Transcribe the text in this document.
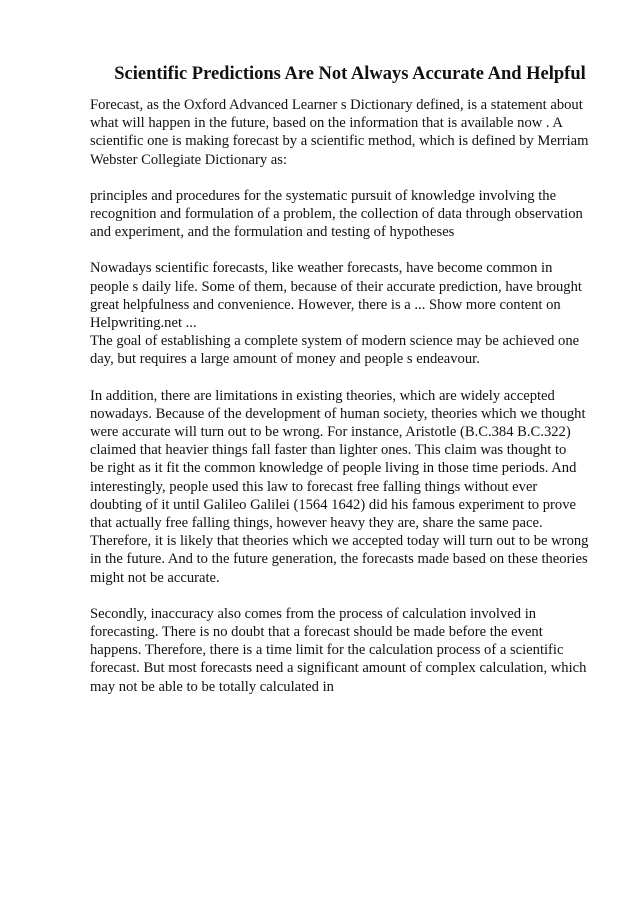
Scientific Predictions Are Not Always Accurate And Helpful

Forecast, as the Oxford Advanced Learner s Dictionary defined, is a statement about
what will happen in the future, based on the information that is available now . A
scientific one is making forecast by a scientific method, which is defined by Merriam
Webster Collegiate Dictionary as:

principles and procedures for the systematic pursuit of knowledge involving the
recognition and formulation of a problem, the collection of data through observation
and experiment, and the formulation and testing of hypotheses

Nowadays scientific forecasts, like weather forecasts, have become common in
people s daily life. Some of them, because of their accurate prediction, have brought
great helpfulness and convenience. However, there is a ... Show more content on
Helpwriting.net ...

The goal of establishing a complete system of modern science may be achieved one
day, but requires a large amount of money and people s endeavour.

In addition, there are limitations in existing theories, which are widely accepted
nowadays. Because of the development of human society, theories which we thought
were accurate will turn out to be wrong. For instance, Aristotle (B.C.384 B.C.322)
claimed that heavier things fall faster than lighter ones. This claim was thought to
be right as it fit the common knowledge of people living in those time periods. And
interestingly, people used this law to forecast free falling things without ever
doubting of it until Galileo Galilei (1564 1642) did his famous experiment to prove
that actually free falling things, however heavy they are, share the same pace.
Therefore, it is likely that theories which we accepted today will turn out to be wrong
in the future. And to the future generation, the forecasts made based on these theories
might not be accurate.

Secondly, inaccuracy also comes from the process of calculation involved in
forecasting. There is no doubt that a forecast should be made before the event
happens. Therefore, there is a time limit for the calculation process of a scientific
forecast. But most forecasts need a significant amount of complex calculation, which
may not be able to be totally calculated in
